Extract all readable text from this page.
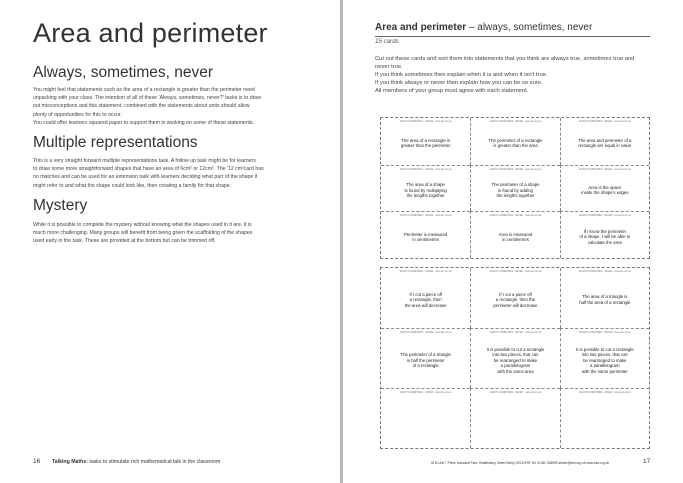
Area and perimeter
Always, sometimes, never
You might feel that statements such as the area of a rectangle is greater than the perimeter need
unpacking with your class. The intention of all of these 'Always, sometimes, never?' tasks is to draw
out misconceptions and this statement, combined with the statements about units should allow
plenty of opportunities for this to occur.
You could offer learners squared paper to support them in working on some of these statements.
Multiple representations
This is a very straight forward multiple representations task. A follow up task might be for learners
to draw some more straightforward shapes that have an area of 6cm² or 12cm². The '12 cm²card has
no matches and can be used for an extension task with learners deciding what part of the shape it
might refer to and what the shape could look like, then creating a family for that shape.
Mystery
While it is possible to complete the mystery without knowing what the shapes used in it are, it is
much more challenging. Many groups will benefit from being given the scaffolding of the shapes
used early in the task. These are provided at the bottom but can be trimmed off.
16 Talking Maths: tasks to stimulate rich mathematical talk in the classroom
Area and perimeter – always, sometimes, never
15 cards
Cut out these cards and sort them into statements that you think are always true, sometimes true and
never true.
If you think sometimes then explain when it is and when it isn't true.
If you think always or never then explain how you can be so sure.
All members of your group must agree with each statement.
ALWAYS SOMETIMES · NEVER · www.atm.org.uk
The area of a rectangle is
greater than the perimeter
ALWAYS SOMETIMES · NEVER · www.atm.org.uk
The perimeter of a rectangle
is greater than the area
ALWAYS SOMETIMES · NEVER · www.atm.org.uk
The area and perimeter of a
rectangle are equal in value
ALWAYS SOMETIMES · NEVER · www.atm.org.uk
The area of a shape
is found by multiplying
the lengths together
ALWAYS SOMETIMES · NEVER · www.atm.org.uk
The perimeter of a shape
is found by adding
the lengths together
ALWAYS SOMETIMES · NEVER · www.atm.org.uk
Area is the space
inside the shape's edges
ALWAYS SOMETIMES · NEVER · www.atm.org.uk
Perimeter is measured
in centimetres
ALWAYS SOMETIMES · NEVER · www.atm.org.uk
Area is measured
in centimetres
ALWAYS SOMETIMES · NEVER · www.atm.org.uk
If I know the perimeter
of a shape, I will be able to
calculate the area
ALWAYS SOMETIMES · NEVER · www.atm.org.uk
If I cut a piece off
a rectangle, then
the area will decrease
ALWAYS SOMETIMES · NEVER · www.atm.org.uk
If I cut a piece off
a rectangle, then the
perimeter will decrease
ALWAYS SOMETIMES · NEVER · www.atm.org.uk
The area of a triangle is
half the area of a rectangle
ALWAYS SOMETIMES · NEVER · www.atm.org.uk
The perimeter of a triangle
is half the perimeter
of a rectangle
ALWAYS SOMETIMES · NEVER · www.atm.org.uk
It is possible to cut a rectangle
into two pieces, that can
be rearranged to make
a parallelogram
with the same area
ALWAYS SOMETIMES · NEVER · www.atm.org.uk
It is possible to cut a rectangle
into two pieces, that can
be rearranged to make
a parallelogram
with the same perimeter
ALWAYS SOMETIMES · NEVER · www.atm.org.uk	ALWAYS SOMETIMES · NEVER · www.atm.org.uk	ALWAYS SOMETIMES · NEVER · www.atm.org.uk
ATM Unit 7 Prime Industrial Park, Shaftesbury Street Derby DE23 8YB Tel: 01332 346599 admin@atm.org.uk www.atm.org.uk	17
